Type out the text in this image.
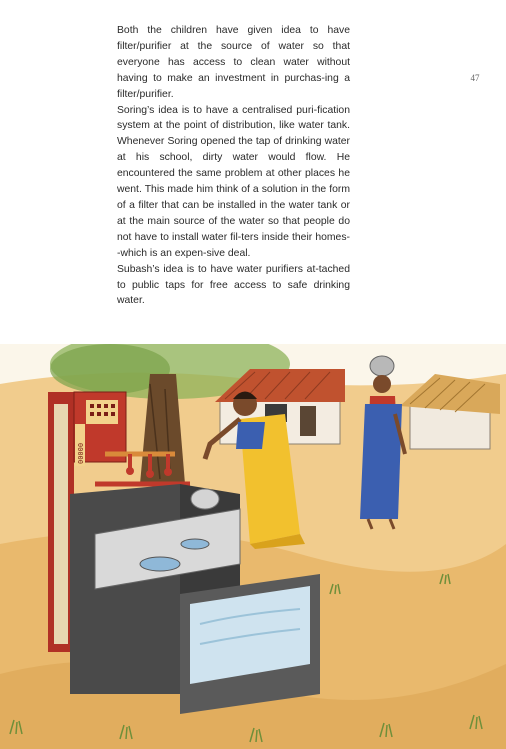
47

Both the children have given idea to have filter/purifier at the source of water so that everyone has access to clean water without having to make an investment in purchas-ing a filter/purifier.

Soring’s idea is to have a centralised puri-fication system at the point of distribution, like water tank. Whenever Soring opened the tap of drinking water at his school, dirty water would flow. He encountered the same problem at other places he went. This made him think of a solution in the form of a filter that can be installed in the water tank or at the main source of the water so that people do not have to install water fil-ters inside their homes--which is an expen-sive deal.

Subash’s idea is to have water purifiers at-tached to public taps for free access to safe drinking water.

00000
